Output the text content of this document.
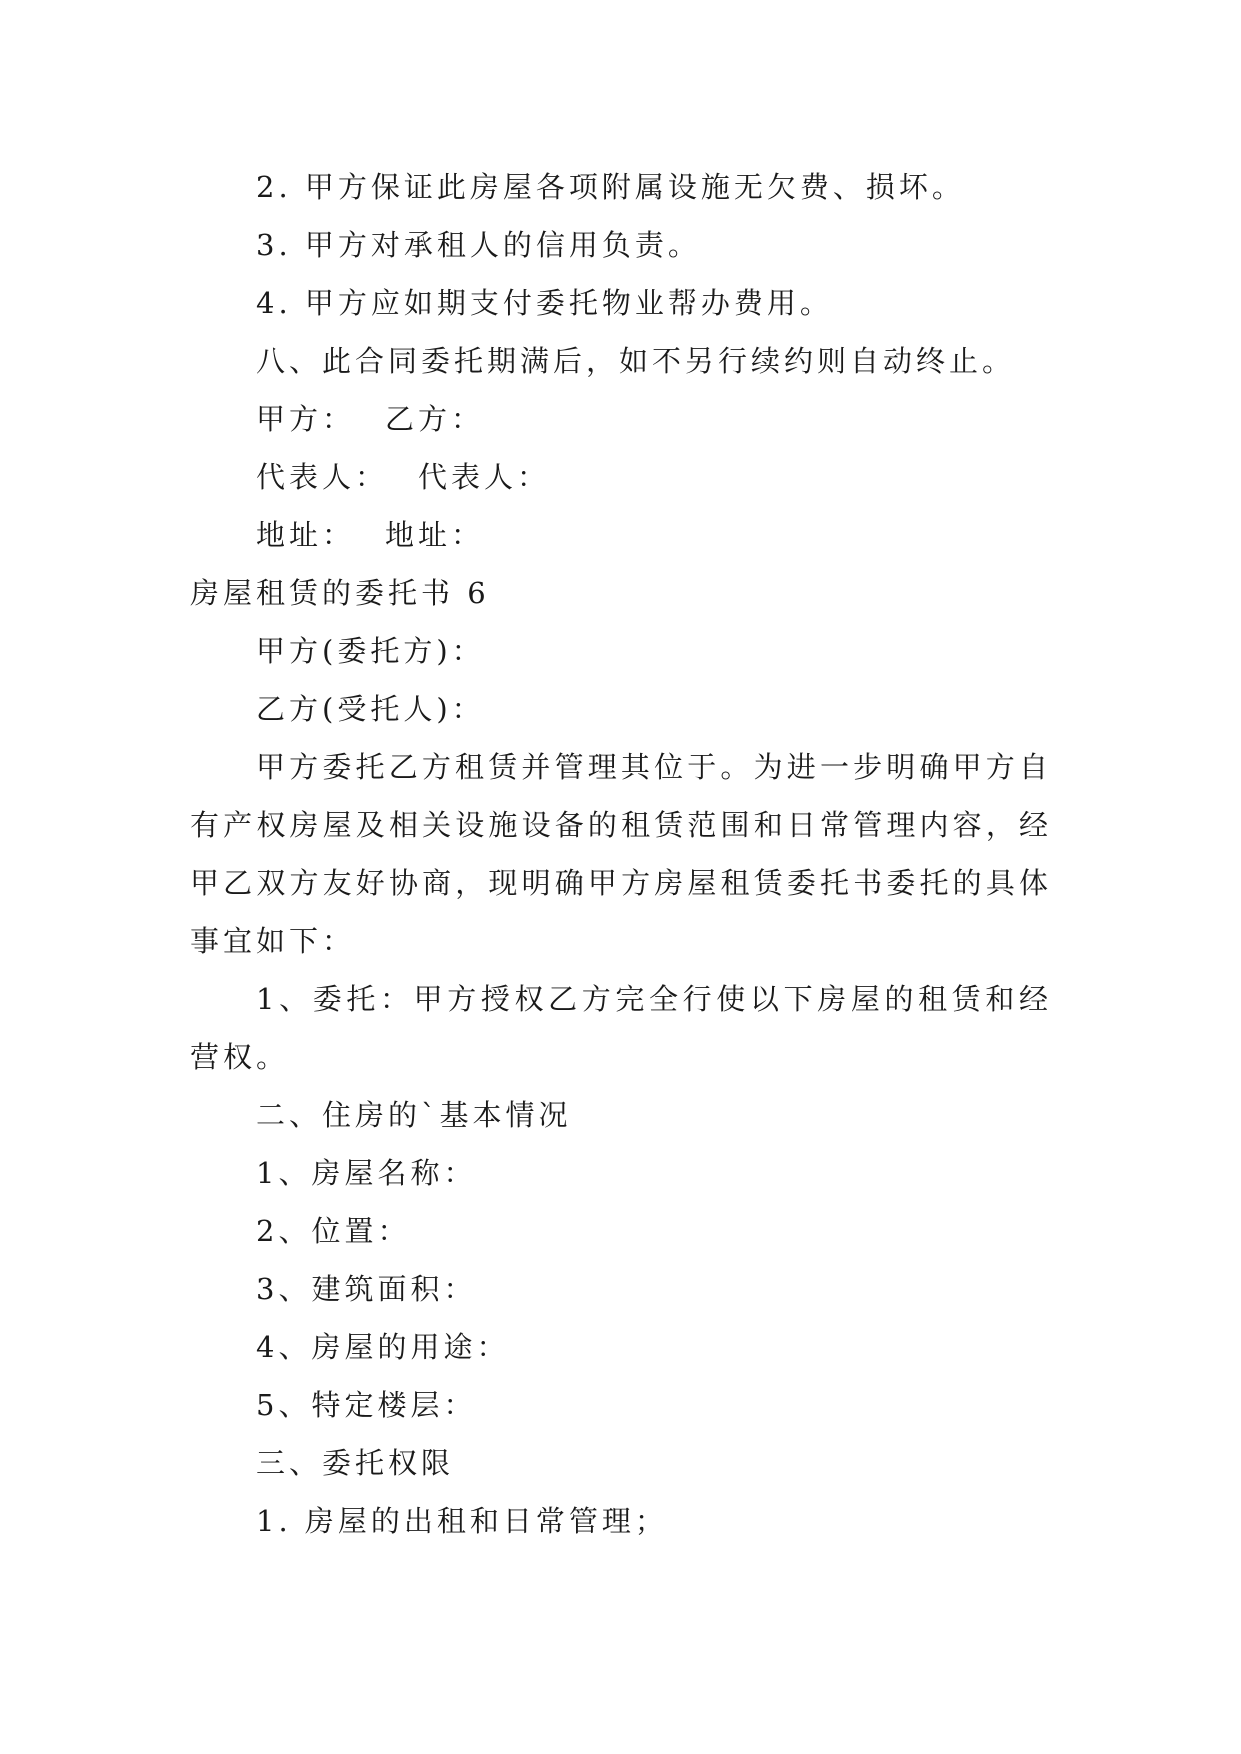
2. 甲方保证此房屋各项附属设施无欠费、损坏。

3. 甲方对承租人的信用负责。

4. 甲方应如期支付委托物业帮办费用。

八、此合同委托期满后，如不另行续约则自动终止。

甲方： 乙方：

代表人： 代表人：

地址： 地址：

房屋租赁的委托书 6

甲方(委托方)：

乙方(受托人)：

甲方委托乙方租赁并管理其位于。为进一步明确甲方自有产权房屋及相关设施设备的租赁范围和日常管理内容，经甲乙双方友好协商，现明确甲方房屋租赁委托书委托的具体事宜如下：

1、委托：甲方授权乙方完全行使以下房屋的租赁和经营权。

二、住房的`基本情况

1、房屋名称：

2、位置：

3、建筑面积：

4、房屋的用途：

5、特定楼层：

三、委托权限

1. 房屋的出租和日常管理；
